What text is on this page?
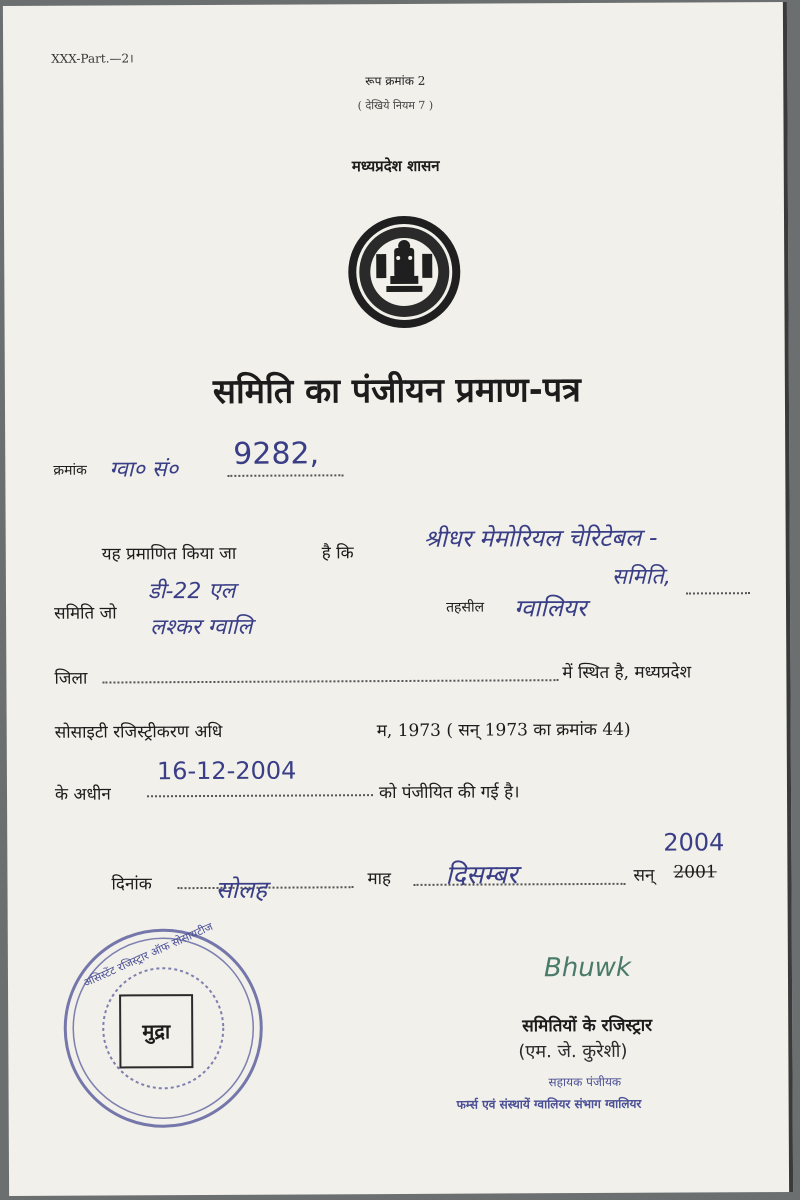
XXX-Part.—2।
रूप क्रमांक 2
( देखिये नियम 7 )
मध्यप्रदेश शासन
समिति का पंजीयन प्रमाण-पत्र
क्रमांक ग्वा० सं० 9282,
यह प्रमाणित किया जा	है कि
श्रीधर मेमोरियल चेरिटेबल -
समिति,
समिति जो
डी-22 एल
लश्कर ग्वालि
तहसील ग्वालियर
जिला	में स्थित है, मध्यप्रदेश
सोसाइटी रजिस्ट्रीकरण अधि	म, 1973 ( सन् 1973 का क्रमांक 44)
के अधीन
16-12-2004
को पंजीयित की गई है।
दिनांक	सोलह	माह दिसम्बर	सन् 2001
2004
मुद्रा
असिस्टेंट रजिस्ट्रार ऑफ सोसायटीज	Bhuwk
समितियों के रजिस्ट्रार
(एम. जे. कुरेशी)
सहायक पंजीयक
फर्म्स एवं संस्थायें ग्वालियर संभाग ग्वालियर
